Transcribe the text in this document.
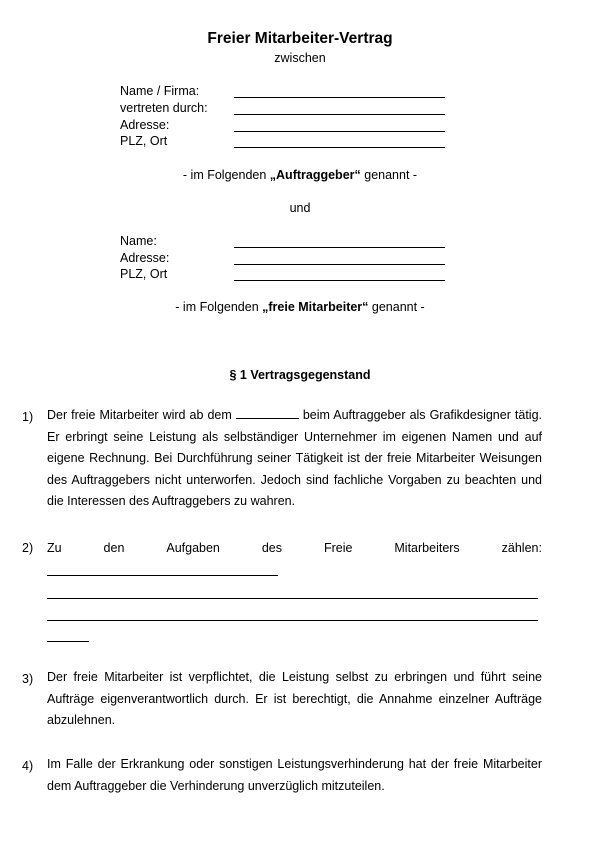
Freier Mitarbeiter-Vertrag
zwischen
Name / Firma:
vertreten durch:
Adresse:
PLZ, Ort
- im Folgenden „Auftraggeber“ genannt -
und
Name:
Adresse:
PLZ, Ort
- im Folgenden „freie Mitarbeiter“ genannt -
§ 1 Vertragsgegenstand
1) Der freie Mitarbeiter wird ab dem	beim Auftraggeber als Grafikdesigner tätig. Er erbringt seine Leistung als selbständiger Unternehmer im eigenen Namen und auf eigene Rechnung. Bei Durchführung seiner Tätigkeit ist der freie Mitarbeiter Weisungen des Auftraggebers nicht unterworfen. Jedoch sind fachliche Vorgaben zu beachten und die Interessen des Auftraggebers zu wahren.

2) Zu	den	Aufgaben	des	Freie	Mitarbeiters	zählen:
3) Der freie Mitarbeiter ist verpflichtet, die Leistung selbst zu erbringen und führt seine Aufträge eigenverantwortlich durch. Er ist berechtigt, die Annahme einzelner Aufträge abzulehnen.

4) Im Falle der Erkrankung oder sonstigen Leistungsverhinderung hat der freie Mitarbeiter dem Auftraggeber die Verhinderung unverzüglich mitzuteilen.
